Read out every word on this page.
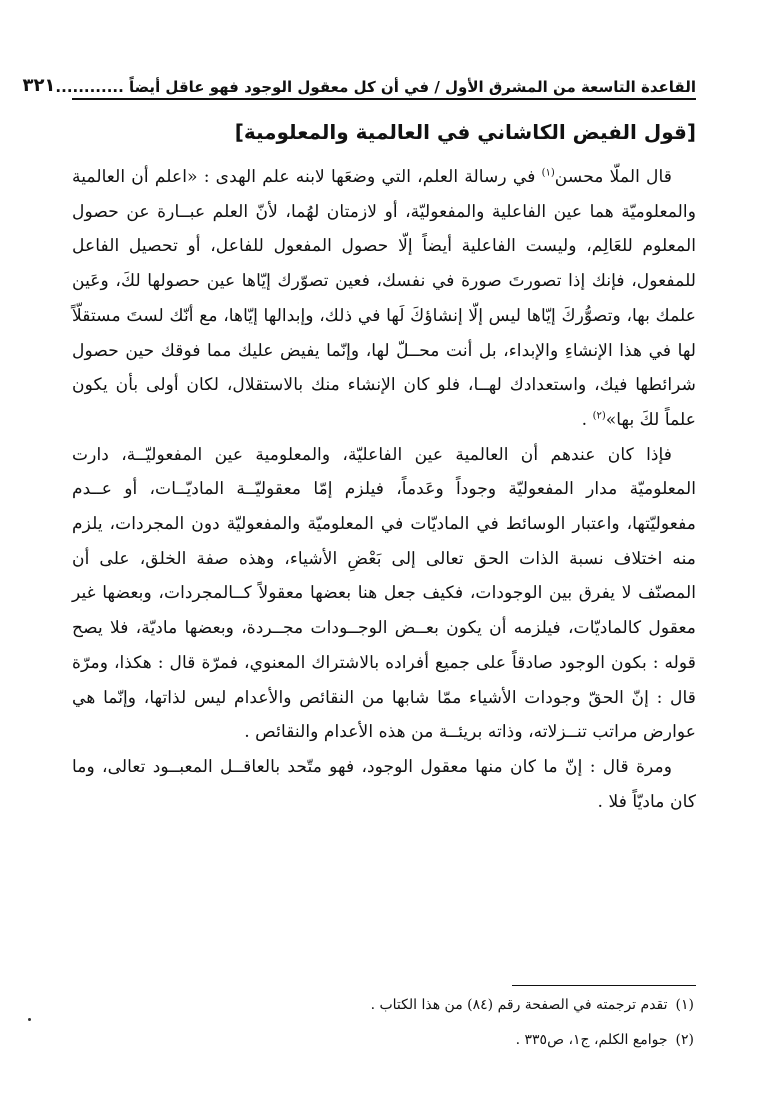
القاعدة التاسعة من المشرق الأول / في أن كل معقول الوجود فهو عاقل أيضاً ............
٣٢١
[قول الفيض الكاشاني في العالمية والمعلومية]

قال الملّا محسن$^{(١)}$ في رسالة العلم، التي وضعَها لابنه علم الهدى : «اعلم أن العالمية والمعلوميّة هما عين الفاعلية والمفعوليّة، أو لازمتان لهُما، لأنّ العلم عبــارة عن حصول المعلوم للعَالِم، وليست الفاعلية أيضاً إلّا حصول المفعول للفاعل، أو تحصيل الفاعل للمفعول، فإنك إذا تصورتَ صورة في نفسك، فعين تصوّرك إيّاها عين حصولها لكَ، وعَين علمك بها، وتصوُّركَ إيّاها ليس إلّا إنشاؤكَ لَها في ذلك، وإبدالها إيّاها، مع أنّك لستَ مستقلّاً لها في هذا الإنشاءِ والإبداء، بل أنت محــلّ لها، وإنّما يفيض عليك مما فوقك حين حصول شرائطها فيك، واستعدادك لهــا، فلو كان الإنشاء منك بالاستقلال، لكان أولى بأن يكون علماً لكَ بها»$^{(٢)}$ .

فإذا كان عندهم أن العالمية عين الفاعليّة، والمعلومية عين المفعوليّــة، دارت المعلوميّة مدار المفعوليّة وجوداً وعَدماً، فيلزم إمّا معقوليّــة الماديّــات، أو عــدم مفعوليّتها، واعتبار الوسائط في الماديّات في المعلوميّة والمفعوليّة دون المجردات، يلزم منه اختلاف نسبة الذات الحق تعالى إلى بَعْضِ الأشياء، وهذه صفة الخلق، على أن المصنّف لا يفرق بين الوجودات، فكيف جعل هنا بعضها معقولاً كــالمجردات، وبعضها غير معقول كالماديّات، فيلزمه أن يكون بعــض الوجــودات مجــردة، وبعضها ماديّة، فلا يصح قوله : بكون الوجود صادقاً على جميع أفراده بالاشتراك المعنوي، فمرّة قال : هكذا، ومرّة قال : إنّ الحقّ وجودات الأشياء ممّا شابها من النقائص والأعدام ليس لذاتها، وإنّما هي عوارض مراتب تنــزلاته، وذاته بريئــة من هذه الأعدام والنقائص .

ومرة قال : إنّ ما كان منها معقول الوجود، فهو متّحد بالعاقــل المعبــود تعالى، وما كان ماديّاً فلا .

(١)
تقدم ترجمته في الصفحة رقم (٨٤) من هذا الكتاب .
(٢)
جوامع الكلم، ج١، ص٣٣٥ .
